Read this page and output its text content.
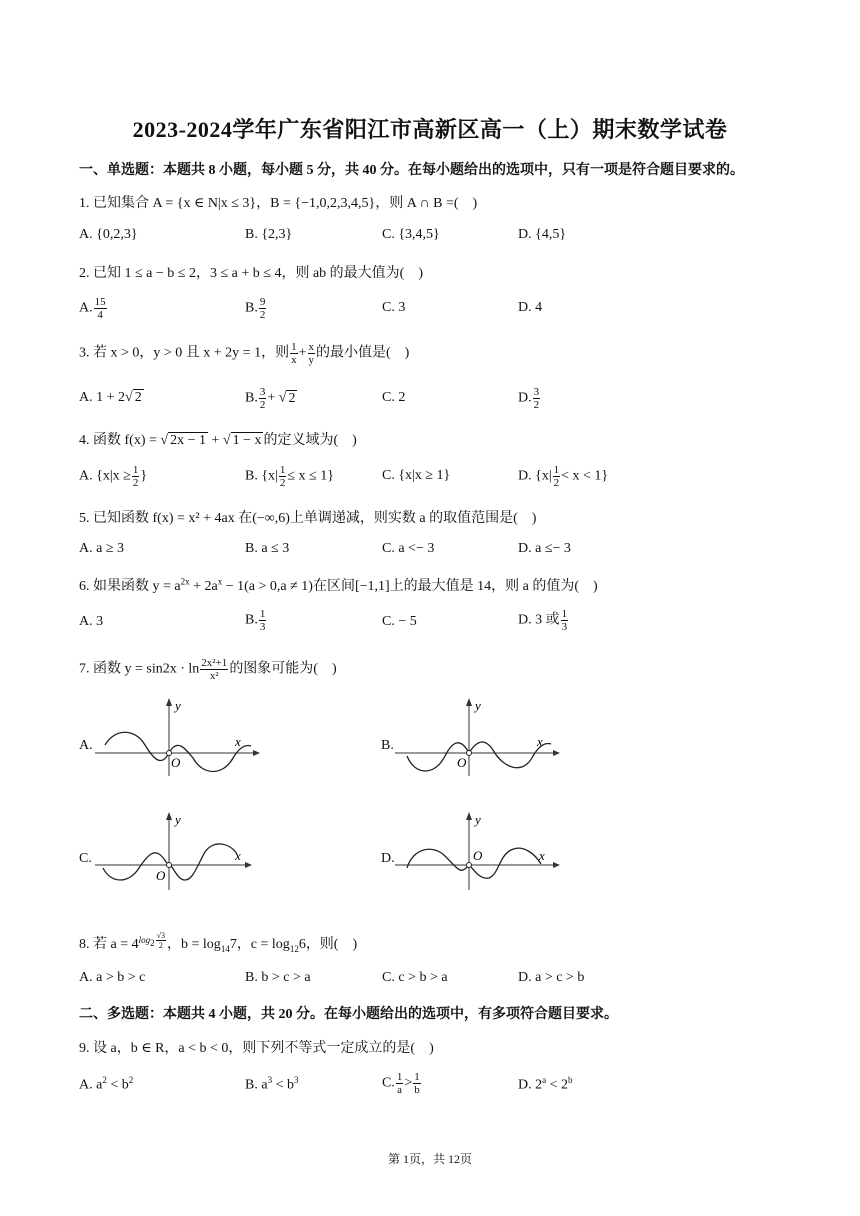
2023-2024学年广东省阳江市高新区高一（上）期末数学试卷
一、单选题：本题共 8 小题，每小题 5 分，共 40 分。在每小题给出的选项中，只有一项是符合题目要求的。
1. 已知集合 A = {x ∈ N|x ≤ 3}，B = {−1,0,2,3,4,5}，则 A ∩ B =(　)
A. {0,2,3}	B. {2,3}	C. {3,4,5}	D. {4,5}
2. 已知 1 ≤ a − b ≤ 2，3 ≤ a + b ≤ 4，则 ab 的最大值为(　)
A. $\frac{15}{4}$	B. $\frac{9}{2}$	C. 3	D. 4
3. 若 x > 0，y > 0 且 x + 2y = 1，则 $\frac{1}{x} + \frac{x}{y}$ 的最小值是(　)
A. 1 + 2√ 2	B. $\frac{3}{2}$ + √ 2	C. 2	D. $\frac{3}{2}$
4. 函数 f(x) = √ 2x − 1 + √ 1 − x 的定义域为(　)
A. {$x|x \ge \frac{1}{2}$ }	B. $\{x| \frac{1}{2} \le x \le 1\}$	C. {x|x ≥ 1}	D. $\{x| \frac{1}{2} < x < 1\}$
5. 已知函数 f(x) = x² + 4ax 在(−∞,6)上单调递减，则实数 a 的取值范围是(　)
A. a ≥ 3	B. a ≤ 3	C. a <− 3	D. a ≤− 3
6. 如果函数 $y = a^{2x} + 2a^x - 1(a > 0,a \ne 1)$在区间[−1,1]上的最大值是 14，则 a 的值为(　)
A. 3	B. $\frac{1}{3}$	C. − 5	D. 3 或 $\frac{1}{3}$
7. 函数 $y = \sin 2x \cdot \ln \frac{\text{2x²+1}}{\text{x²}}$ 的图象可能为(　)
A.
y
x
O
B.
y
x
O
C.
y
x
O
D.
y
x
O
8. 若 $a = 4^{log_2 \frac{√3}{2}}$ ，$b = \log_{14}7$，$c = \log_{12}6$，则(　)
A. a > b > c	B. b > c > a	C. c > b > a	D. a > c > b
二、多选题：本题共 4 小题，共 20 分。在每小题给出的选项中，有多项符合题目要求。
9. 设 a，b ∈ R，a < b < 0，则下列不等式一定成立的是(　)
A. $a^2 < b^2$	B. $a^3 < b^3$	C. $\frac{1}{a} > \frac{1}{b}$	D. $2^a < 2^b$
第 1页，共 12页
